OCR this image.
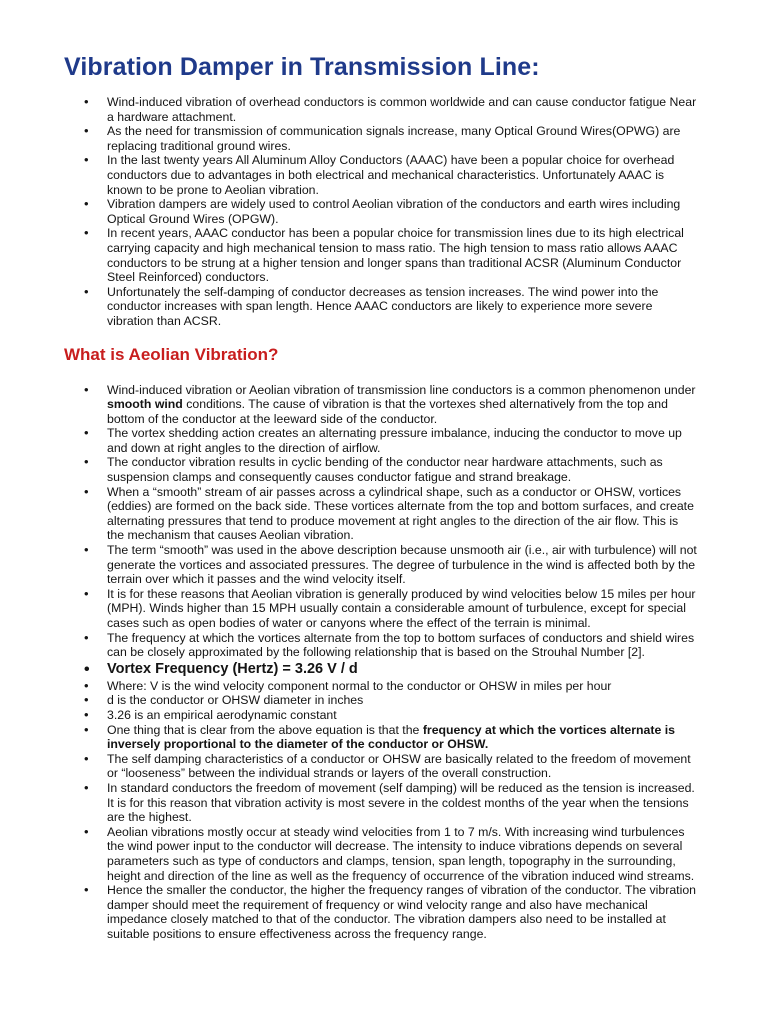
Vibration Damper in Transmission Line:
• Wind-induced vibration of overhead conductors is common worldwide and can cause conductor fatigue Near a hardware attachment.
• As the need for transmission of communication signals increase, many Optical Ground Wires(OPWG) are replacing traditional ground wires.
• In the last twenty years All Aluminum Alloy Conductors (AAAC) have been a popular choice for overhead conductors due to advantages in both electrical and mechanical characteristics. Unfortunately AAAC is known to be prone to Aeolian vibration.
• Vibration dampers are widely used to control Aeolian vibration of the conductors and earth wires including Optical Ground Wires (OPGW).
• In recent years, AAAC conductor has been a popular choice for transmission lines due to its high electrical carrying capacity and high mechanical tension to mass ratio. The high tension to mass ratio allows AAAC conductors to be strung at a higher tension and longer spans than traditional ACSR (Aluminum Conductor Steel Reinforced) conductors.
• Unfortunately the self-damping of conductor decreases as tension increases. The wind power into the conductor increases with span length. Hence AAAC conductors are likely to experience more severe vibration than ACSR.
What is Aeolian Vibration?
• Wind-induced vibration or Aeolian vibration of transmission line conductors is a common phenomenon under smooth wind conditions. The cause of vibration is that the vortexes shed alternatively from the top and bottom of the conductor at the leeward side of the conductor.
• The vortex shedding action creates an alternating pressure imbalance, inducing the conductor to move up and down at right angles to the direction of airflow.
• The conductor vibration results in cyclic bending of the conductor near hardware attachments, such as suspension clamps and consequently causes conductor fatigue and strand breakage.
• When a “smooth” stream of air passes across a cylindrical shape, such as a conductor or OHSW, vortices (eddies) are formed on the back side. These vortices alternate from the top and bottom surfaces, and create alternating pressures that tend to produce movement at right angles to the direction of the air flow. This is the mechanism that causes Aeolian vibration.
• The term “smooth” was used in the above description because unsmooth air (i.e., air with turbulence) will not generate the vortices and associated pressures. The degree of turbulence in the wind is affected both by the terrain over which it passes and the wind velocity itself.
• It is for these reasons that Aeolian vibration is generally produced by wind velocities below 15 miles per hour (MPH). Winds higher than 15 MPH usually contain a considerable amount of turbulence, except for special cases such as open bodies of water or canyons where the effect of the terrain is minimal.
• The frequency at which the vortices alternate from the top to bottom surfaces of conductors and shield wires can be closely approximated by the following relationship that is based on the Strouhal Number [2].
• Vortex Frequency (Hertz) = 3.26 V / d
• Where: V is the wind velocity component normal to the conductor or OHSW in miles per hour
• d is the conductor or OHSW diameter in inches
• 3.26 is an empirical aerodynamic constant
• One thing that is clear from the above equation is that the frequency at which the vortices alternate is inversely proportional to the diameter of the conductor or OHSW.
• The self damping characteristics of a conductor or OHSW are basically related to the freedom of movement or “looseness” between the individual strands or layers of the overall construction.
• In standard conductors the freedom of movement (self damping) will be reduced as the tension is increased. It is for this reason that vibration activity is most severe in the coldest months of the year when the tensions are the highest.
• Aeolian vibrations mostly occur at steady wind velocities from 1 to 7 m/s. With increasing wind turbulences the wind power input to the conductor will decrease. The intensity to induce vibrations depends on several parameters such as type of conductors and clamps, tension, span length, topography in the surrounding, height and direction of the line as well as the frequency of occurrence of the vibration induced wind streams.
• Hence the smaller the conductor, the higher the frequency ranges of vibration of the conductor. The vibration damper should meet the requirement of frequency or wind velocity range and also have mechanical impedance closely matched to that of the conductor. The vibration dampers also need to be installed at suitable positions to ensure effectiveness across the frequency range.
